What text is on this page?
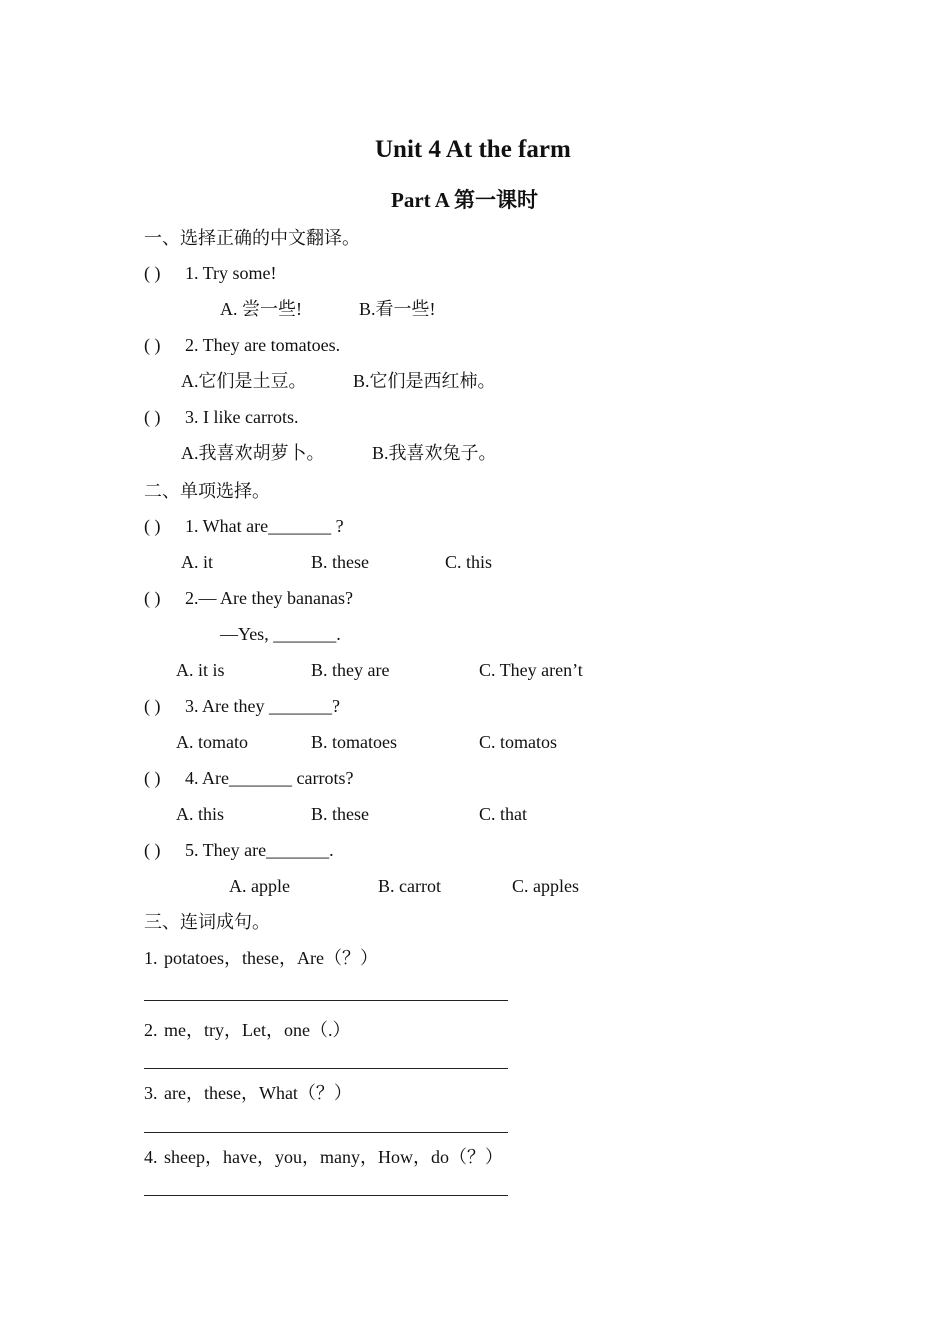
Unit 4 At the farm
Part A 第一课时
一、选择正确的中文翻译。
( ) 1. Try some!
A. 尝一些!	B.看一些!
( ) 2. They are tomatoes.
A.它们是土豆。	B.它们是西红柿。
( ) 3. I like carrots.
A.我喜欢胡萝卜。	B.我喜欢兔子。
二、单项选择。
( ) 1. What are_______ ?
A. it	B. these	C. this
( ) 2.— Are they bananas?
—Yes, _______.
A. it is	B. they are	C. They aren’t
( ) 3. Are they _______?
A. tomato	B. tomatoes	C. tomatos
( ) 4. Are_______ carrots?
A. this	B. these	C. that
( ) 5. They are_______.
A. apple	B. carrot	C. apples
三、连词成句。
1. potatoes，these，Are（？）
2. me，try，Let，one（.）
3. are，these，What（？）
4. sheep，have，you，many，How，do（？）
